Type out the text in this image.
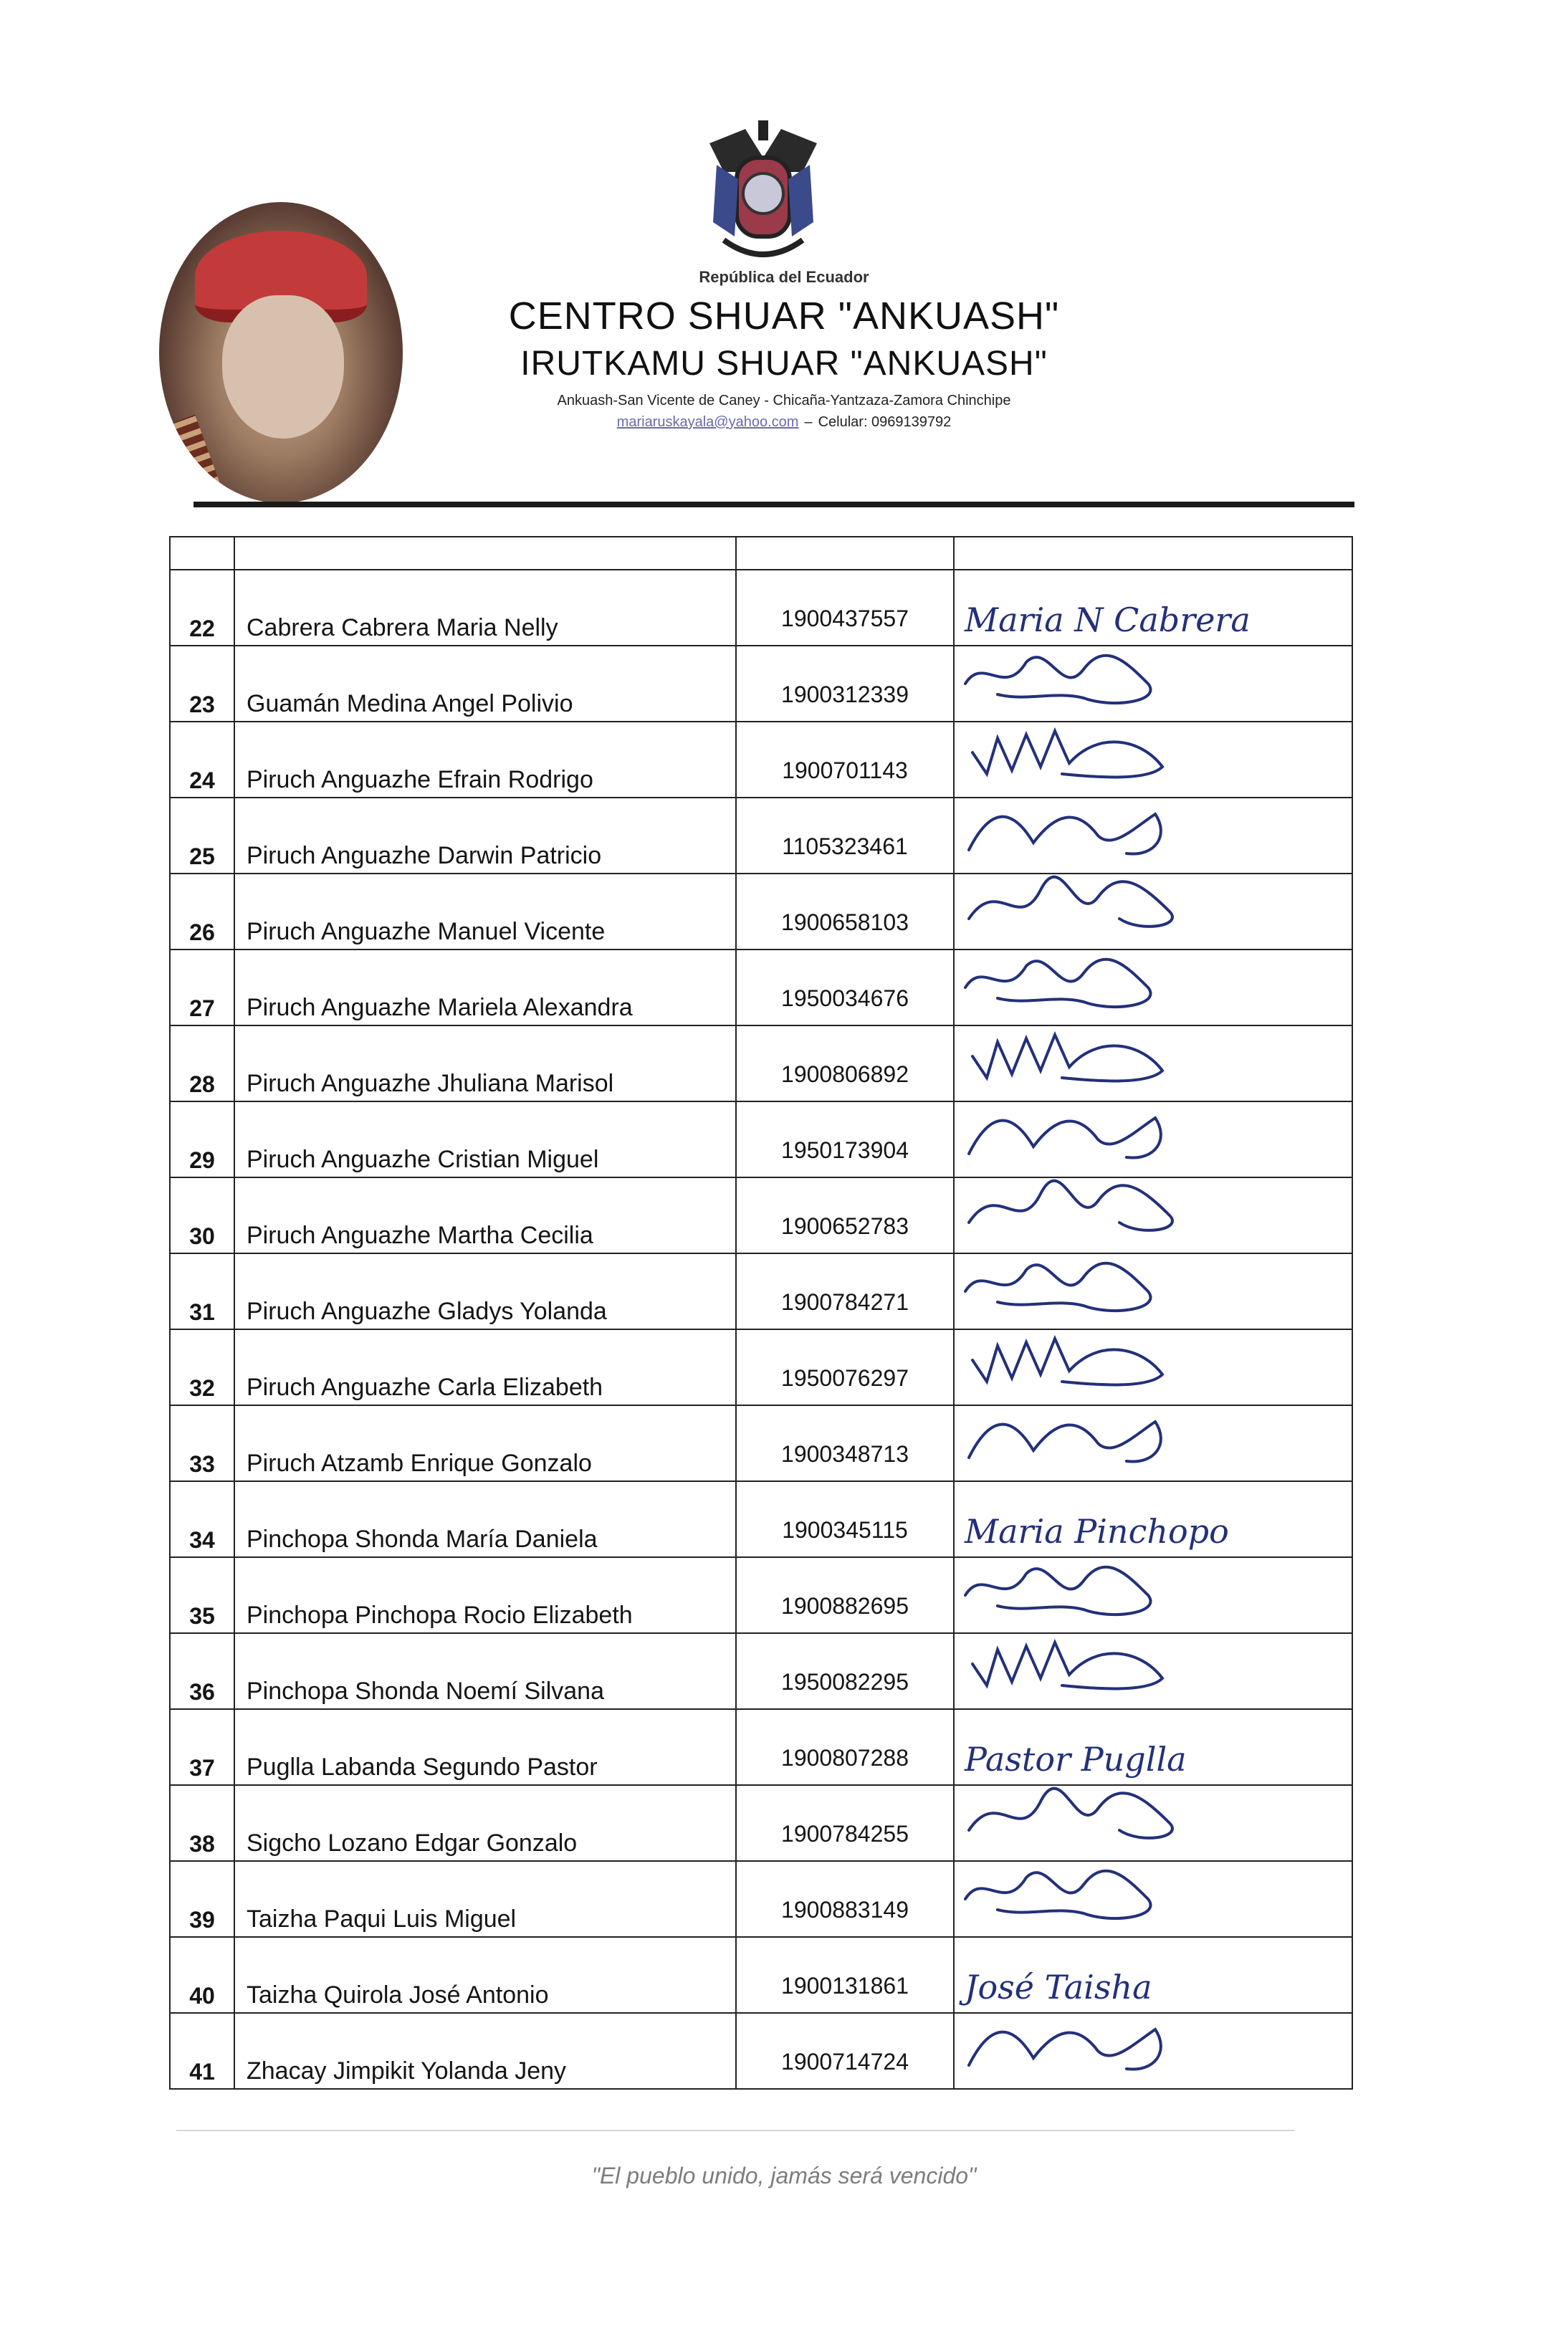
República del Ecuador
CENTRO SHUAR "ANKUASH"
IRUTKAMU SHUAR "ANKUASH"
Ankuash-San Vicente de Caney - Chicaña-Yantzaza-Zamora Chinchipe
mariaruskayala@yahoo.com – Celular: 0969139792

22	Cabrera Cabrera Maria Nelly	1900437557	Maria N Cabrera

23	Guamán Medina Angel Polivio	1900312339	

24	Piruch Anguazhe Efrain Rodrigo	1900701143	

25	Piruch Anguazhe Darwin Patricio	1105323461	

26	Piruch Anguazhe Manuel Vicente	1900658103	

27	Piruch Anguazhe Mariela Alexandra	1950034676	

28	Piruch Anguazhe Jhuliana Marisol	1900806892	

29	Piruch Anguazhe Cristian Miguel	1950173904	

30	Piruch Anguazhe Martha Cecilia	1900652783	

31	Piruch Anguazhe Gladys Yolanda	1900784271	

32	Piruch Anguazhe Carla Elizabeth	1950076297	

33	Piruch Atzamb Enrique Gonzalo	1900348713	

34	Pinchopa Shonda María Daniela	1900345115	Maria Pinchopo

35	Pinchopa Pinchopa Rocio Elizabeth	1900882695	

36	Pinchopa Shonda Noemí Silvana	1950082295	

37	Puglla Labanda Segundo Pastor	1900807288	Pastor Puglla

38	Sigcho Lozano Edgar Gonzalo	1900784255	

39	Taizha Paqui Luis Miguel	1900883149	

40	Taizha Quirola José Antonio	1900131861	José Taisha

41	Zhacay Jimpikit Yolanda Jeny	1900714724	
"El pueblo unido, jamás será vencido"
